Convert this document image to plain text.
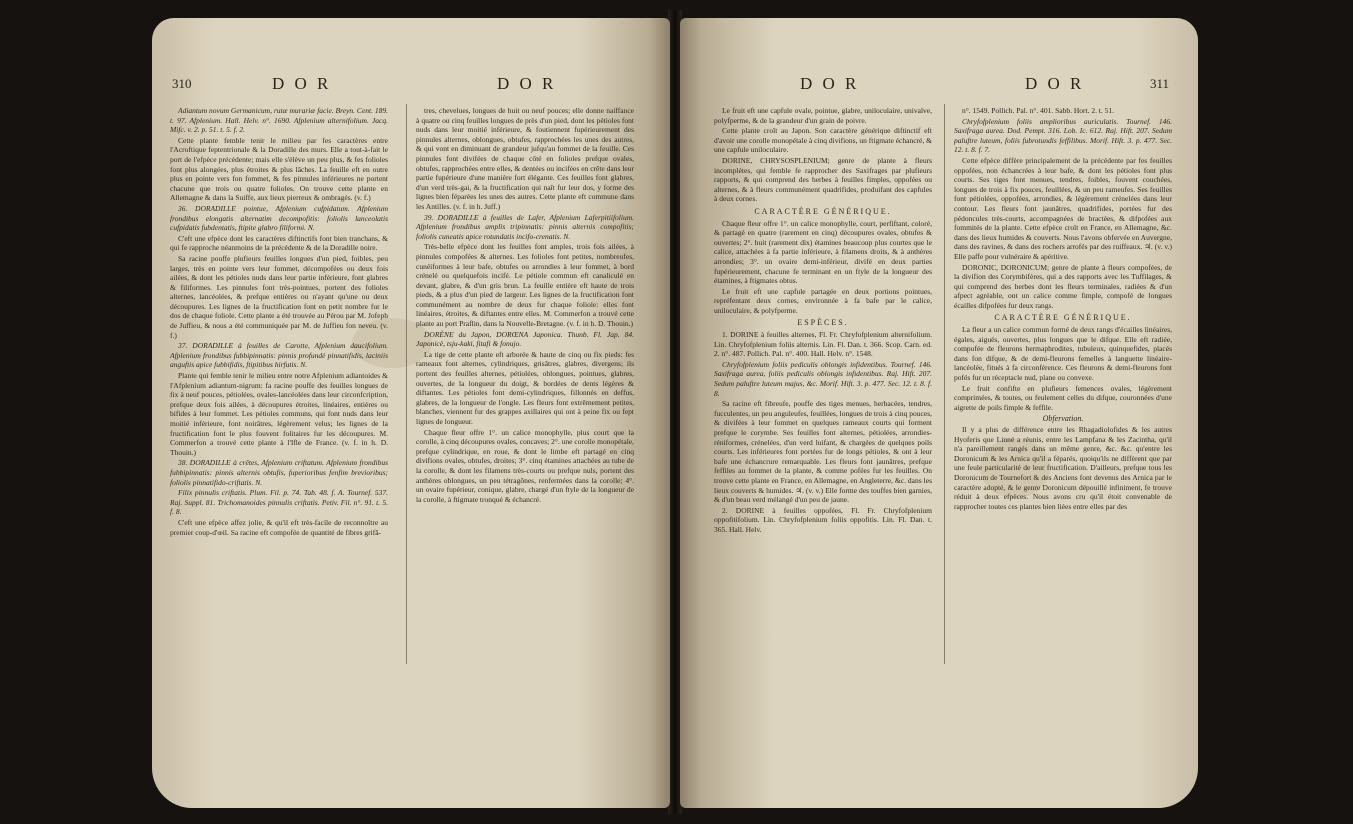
310	D O R	D O R

Adiantum novum Germanicum, rutæ murariæ facie. Breyn. Cent. 189. t. 97. Afplenium. Hall. Helv. n°. 1690. Afplenium alternifolium. Jacq. Mifc. v. 2. p. 51. t. 5. f. 2.

Cette plante femble tenir le milieu par fes caractères entre l'Acroftique feptentrionale & la Doradille des murs. Elle a tout-à-fait le port de l'efpèce précédente; mais elle s'élève un peu plus, & fes folioles font plus alongées, plus étroites & plus lâches. La feuille eft en outre plus en pointe vers fon fommet, & fes pinnules inférieures ne portent chacune que trois ou quatre folioles. On trouve cette plante en Allemagne & dans la Suiffe, aux lieux pierreux & ombragés. (v. f.)

36. DORADILLE pointue, Afplenium cufpidatum. Afplenium frondibus elongatis alternatim decompofitis: foliolis lanceolatis cufpidatis fubdentatis, ftipite glabro filiformi. N.

C'eft une efpèce dont les caractères diftinctifs font bien tranchans, & qui fe rapproche néanmoins de la précédente & de la Doradille noire.

Sa racine pouffe plufieurs feuilles longues d'un pied, foibles, peu larges, très en pointe vers leur fommet, décompofées ou deux fois ailées, & dont les pétioles nuds dans leur partie inférieure, font glabres & filiformes. Les pinnules font très-pointues, portent des folioles alternes, lancéolées, & prefque entières ou n'ayant qu'une ou deux découpures. Les lignes de la fructification font en petit nombre fur le dos de chaque foliole. Cette plante a été trouvée au Pérou par M. Jofeph de Juffieu, & nous a été communiquée par M. de Juffieu fon neveu. (v. f.)

37. DORADILLE à feuilles de Carotte, Afplenium daucifolium. Afplenium frondibus fubbipinnatis: pinnis profundè pinnatifidis, laciniis anguftis apice fubbifidis, ftipitibus hirfutis. N.

Plante qui femble tenir le milieu entre notre Afplenium adiantoides & l'Afplenium adiantum-nigrum: fa racine pouffe des feuilles longues de fix à neuf pouces, pétiolées, ovales-lancéolées dans leur circonfcription, prefque deux fois ailées, à découpures étroites, linéaires, entières ou bifides à leur fommet. Les pétioles communs, qui font nuds dans leur moitié inférieure, font noirâtres, légèrement velus; les lignes de la fructification font le plus fouvent folitaires fur les découpures. M. Commerfon a trouvé cette plante à l'Ifle de France. (v. f. in h. D. Thouin.)

38. DORADILLE à crêtes, Afplenium criftatum. Afplenium frondibus fubbipinnatis: pinnis alternis obtufis, fuperioribus fenfim brevioribus; foliolis pinnatifido-criftatis. N.

Filix pinnulis criftatis. Plum. Fil. p. 74. Tab. 48. f. A. Tournef. 537. Raj. Suppl. 81. Trichomanoides pinnulis criftatis. Petiv. Fil. n°. 91. t. 5. f. 8.

C'eft une efpèce affez jolie, & qu'il eft très-facile de reconnoître au premier coup-d'œil. Sa racine eft compofée de quantité de fibres grifâ-

tres, chevelues, longues de huit ou neuf pouces; elle donne naiffance à quatre ou cinq feuilles longues de près d'un pied, dont les pétioles font nuds dans leur moitié inférieure, & foutiennent fupérieurement des pinnules alternes, oblongues, obtufes, rapprochées les unes des autres, & qui vont en diminuant de grandeur jufqu'au fommet de la feuille. Ces pinnules font divifées de chaque côté en folioles prefque ovales, obtufes, rapprochées entre elles, & dentées ou incifées en crête dans leur partie fupérieure d'une manière fort élégante. Ces feuilles font glabres, d'un verd très-gai, & la fructification qui naît fur leur dos, y forme des lignes bien féparées les unes des autres. Cette plante eft commune dans les Antilles. (v. f. in h. Juff.)

39. DORADILLE à feuilles de Lafer, Afplenium Laferpitiifolium. Afplenium frondibus amplis tripinnatis: pinnis alternis compofitis; foliolis cuneatis apice rotundatis incifo-crenatis. N.

Très-belle efpèce dont les feuilles font amples, trois fois ailées, à pinnules compofées & alternes. Les folioles font petites, nombreufes, cunéiformes à leur bafe, obtufes ou arrondies à leur fommet, à bord crénelé ou quelquefois incifé. Le pétiole commun eft canaliculé en devant, glabre, & d'un gris brun. La feuille entière eft haute de trois pieds, & a plus d'un pied de largeur. Les lignes de la fructification font communément au nombre de deux fur chaque foliole: elles font linéaires, étroites, & diftantes entre elles. M. Commerfon a trouvé cette plante au port Praflin, dans la Nouvelle-Bretagne. (v. f. in h. D. Thouin.)

DORÈNE du Japon, DORŒNA Japonica. Thunb. Fl. Jap. 84. Japonicè, tsju-kaki, fitafi & fonujo.

La tige de cette plante eft arborée & haute de cinq ou fix pieds: fes rameaux font alternes, cylindriques, grisâtres, glabres, divergens; ils portent des feuilles alternes, pétiolées, oblongues, pointues, glabres, ouvertes, de la longueur du doigt, & bordées de dents légères & diftantes. Les pétioles font demi-cylindriques, fillonnés en deffus, glabres, de la longueur de l'ongle. Les fleurs font extrêmement petites, blanches, viennent fur des grappes axillaires qui ont à peine fix ou fept lignes de longueur.

Chaque fleur offre 1°. un calice monophylle, plus court que la corolle, à cinq découpures ovales, concaves; 2°. une corolle monopétale, prefque cylindrique, en roue, & dont le limbe eft partagé en cinq divifions ovales, obtufes, droites; 3°. cinq étamines attachées au tube de la corolle, & dont les filamens très-courts ou prefque nuls, portent des anthères oblongues, un peu tétragônes, renfermées dans la corolle; 4°. un ovaire fupérieur, conique, glabre, chargé d'un ftyle de la longueur de la corolle, à ftigmate tronqué & échancré.

D O R	D O R	311

Le fruit eft une capfule ovale, pointue, glabre, uniloculaire, univalve, polyfperme, & de la grandeur d'un grain de poivre.

Cette plante croît au Japon. Son caractère générique diftinctif eft d'avoir une corolle monopétale à cinq divifions, un ftigmate échancré, & une capfule uniloculaire.

DORINE, CHRYSOSPLENIUM; genre de plante à fleurs incomplètes, qui femble fe rapprocher des Saxifrages par plufieurs rapports, & qui comprend des herbes à feuilles fimples, oppofées ou alternes, & à fleurs communément quadrifides, produifant des capfules à deux cornes.

CARACTÈRE GÉNÉRIQUE.

Chaque fleur offre 1°. un calice monophylle, court, perfiftant, coloré, & partagé en quatre (rarement en cinq) découpures ovales, obtufes & ouvertes; 2°. huit (rarement dix) étamines beaucoup plus courtes que le calice, attachées à fa partie inférieure, à filamens droits, & à anthères arrondies; 3°. un ovaire demi-inférieur, divifé en deux parties fupérieurement, chacune fe terminant en un ftyle de la longueur des étamines, à ftigmates obtus.

Le fruit eft une capfule partagée en deux portions pointues, repréfentant deux cornes, environnée à fa bafe par le calice, uniloculaire, & polyfperme.

ESPÈCES.

1. DORINE à feuilles alternes, Fl. Fr. Chryfofplenium alternifolium. Lin. Chryfofplenium foliis alternis. Lin. Fl. Dan. t. 366. Scop. Carn. ed. 2. n°. 487. Pollich. Pal. n°. 400. Hall. Helv. n°. 1548.

Chryfofplenium foliis pediculis oblongis infidentibus. Tournef. 146. Saxifraga aurea, foliis pediculis oblongis infidentibus. Raj. Hift. 207. Sedum paluftre luteum majus, &c. Morif. Hift. 3. p. 477. Sec. 12. t. 8. f. 8.

Sa racine eft fibreufe, pouffe des tiges menues, herbacées, tendres, fucculentes, un peu anguleufes, feuillées, longues de trois à cinq pouces, & divifées à leur fommet en quelques rameaux courts qui forment prefque le corymbe. Ses feuilles font alternes, pétiolées, arrondies-réniformes, crénelées, d'un verd luifant, & chargées de quelques poils courts. Les inférieures font portées fur de longs pétioles, & ont à leur bafe une échancrure remarquable. Les fleurs font jaunâtres, prefque feffiles au fommet de la plante, & comme pofées fur les feuilles. On trouve cette plante en France, en Allemagne, en Angleterre, &c. dans les lieux couverts & humides. ♃. (v. v.) Elle forme des touffes bien garnies, & d'un beau verd mélangé d'un peu de jaune.

2. DORINE à feuilles oppofées, Fl. Fr. Chryfofplenium oppofitifolium. Lin. Chryfofplenium foliis oppofitis. Lin. Fl. Dan. t. 365. Hall. Helv.

n°. 1549. Pollich. Pal. n°. 401. Sabb. Hort. 2. t. 51.

Chryfofplenium foliis amplioribus auriculatis. Tournef. 146. Saxifraga aurea. Dod. Pempt. 316. Lob. Ic. 612. Raj. Hift. 207. Sedum paluftre luteum, foliis fubrotundis feffilibus. Morif. Hift. 3. p. 477. Sec. 12. t. 8. f. 7.

Cette efpèce diffère principalement de la précédente par fes feuilles oppofées, non échancrées à leur bafe, & dont les pétioles font plus courts. Ses tiges font menues, tendres, foibles, fouvent couchées, longues de trois à fix pouces, feuillées, & un peu rameufes. Ses feuilles font pétiolées, oppofées, arrondies, & légèrement crénelées dans leur contour. Les fleurs font jaunâtres, quadrifides, portées fur des pédoncules très-courts, accompagnées de bractées, & difpofées aux fommités de la plante. Cette efpèce croît en France, en Allemagne, &c. dans des lieux humides & couverts. Nous l'avons obfervée en Auvergne, dans des ravines, & dans des rochers arrofés par des ruiffeaux. ♃. (v. v.) Elle paffe pour vulnéraire & apéritive.

DORONIC, DORONICUM; genre de plante à fleurs compofées, de la divifion des Corymbifères, qui a des rapports avec les Tuffilages, & qui comprend des herbes dont les fleurs terminales, radiées & d'un afpect agréable, ont un calice comme fimple, compofé de longues écailles difpofées fur deux rangs.

CARACTÈRE GÉNÉRIQUE.

La fleur a un calice commun formé de deux rangs d'écailles linéaires, égales, aiguës, ouvertes, plus longues que le difque. Elle eft radiée, compofée de fleurons hermaphrodites, tubuleux, quinquefides, placés dans fon difque, & de demi-fleurons femelles à languette linéaire-lancéolée, fitués à fa circonférence. Ces fleurons & demi-fleurons font pofés fur un réceptacle nud, plane ou convexe.

Le fruit confifte en plufieurs femences ovales, légèrement comprimées, & toutes, ou feulement celles du difque, couronnées d'une aigrette de poils fimple & feffile.

Obfervation.

Il y a plus de différence entre les Rhagadiolofides & les autres Hyoferis que Linné a réunis, entre les Lampfana & les Zacintha, qu'il n'a pareillement rangés dans un même genre, &c. &c. qu'entre les Doronicum & les Arnica qu'il a féparés, quoiqu'ils ne diffèrent que par une feule particularité de leur fructification. D'ailleurs, prefque tous les Doronicum de Tournefort & des Anciens font devenus des Arnica par le caractère adopté, & le genre Doronicum dépouillé infiniment, fe trouve réduit à deux efpèces. Nous avons cru qu'il étoit convenable de rapprocher toutes ces plantes bien liées entre elles par des
